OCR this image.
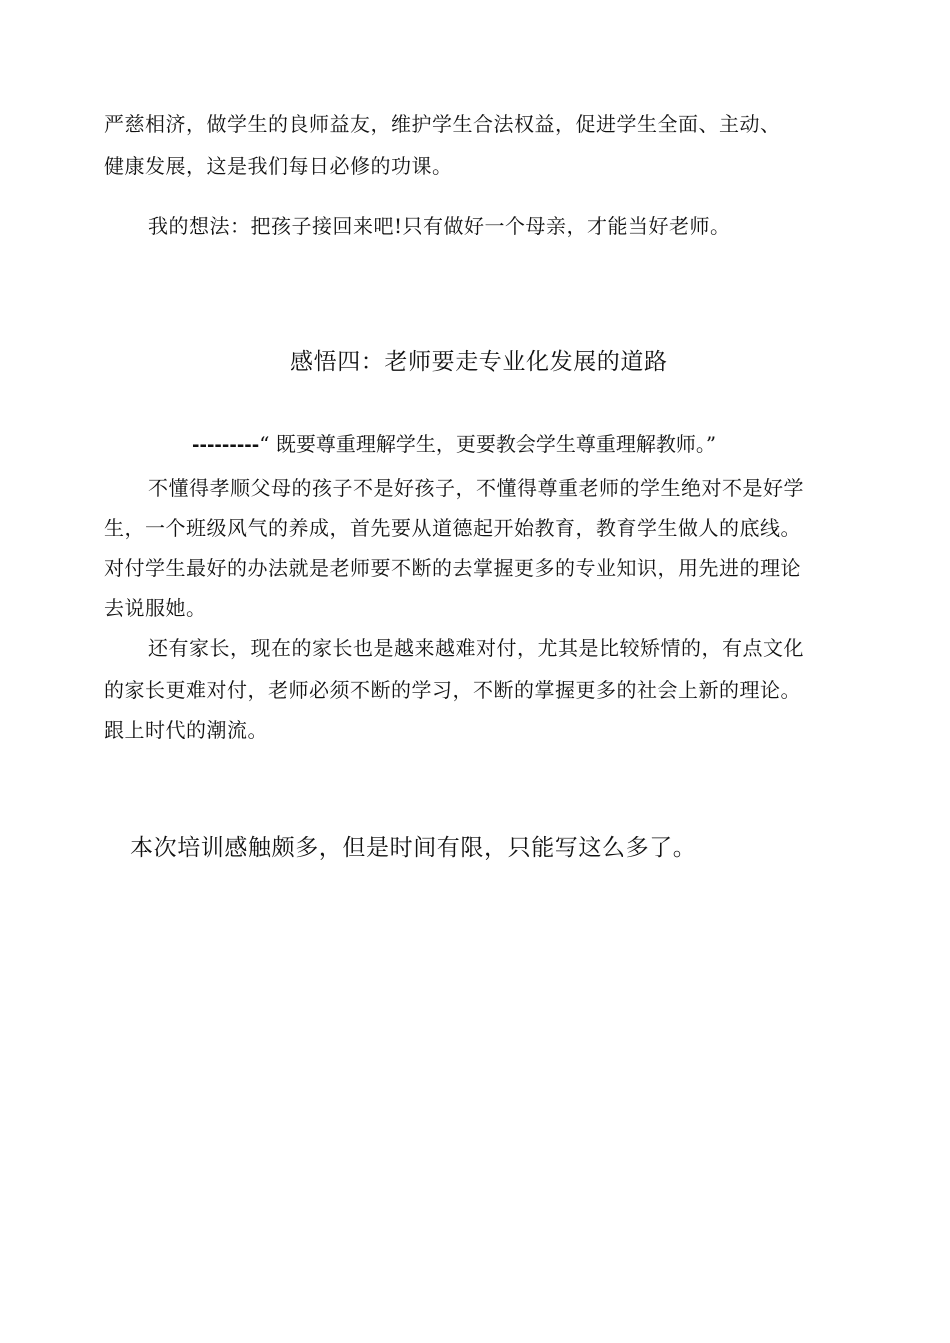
严慈相济，做学生的良师益友，维护学生合法权益，促进学生全面、主动、
健康发展，这是我们每日必修的功课。
我的想法：把孩子接回来吧!只有做好一个母亲，才能当好老师。
感悟四：老师要走专业化发展的道路
---------“ 既要尊重理解学生，更要教会学生尊重理解教师。”
不懂得孝顺父母的孩子不是好孩子，不懂得尊重老师的学生绝对不是好学
生，一个班级风气的养成，首先要从道德起开始教育，教育学生做人的底线。
对付学生最好的办法就是老师要不断的去掌握更多的专业知识，用先进的理论
去说服她。
还有家长，现在的家长也是越来越难对付，尤其是比较矫情的，有点文化
的家长更难对付，老师必须不断的学习，不断的掌握更多的社会上新的理论。
跟上时代的潮流。
本次培训感触颇多，但是时间有限，只能写这么多了。
